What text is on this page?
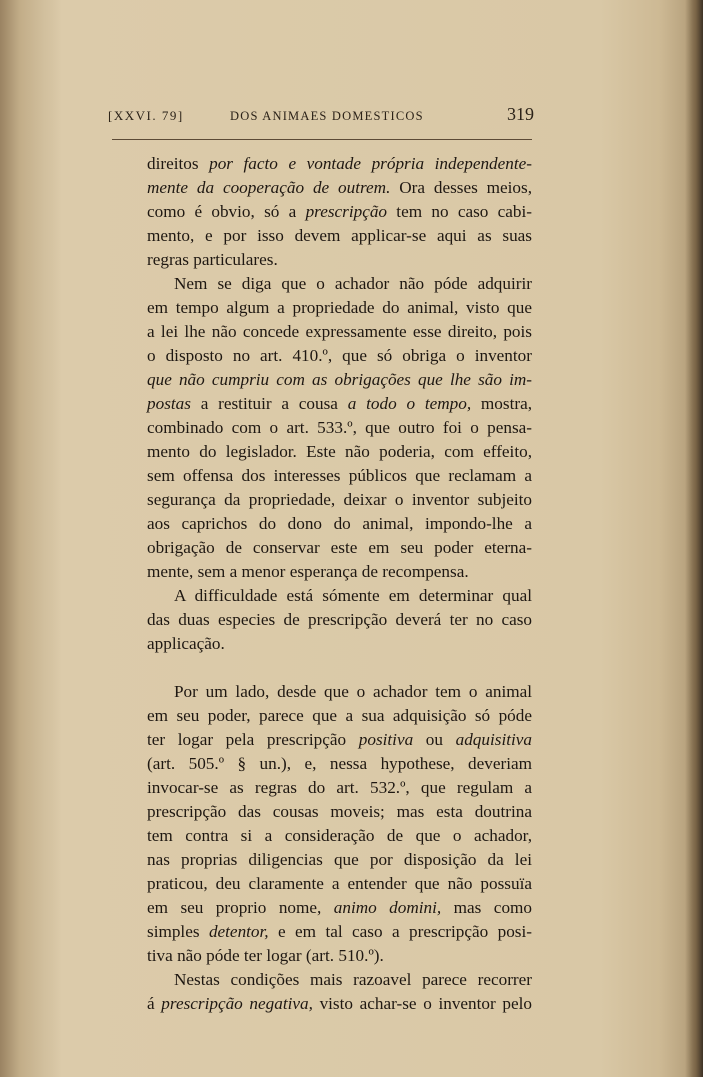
[XXVI. 79]	DOS ANIMAES DOMESTICOS	319
direitos por facto e vontade própria independente-
mente da cooperação de outrem. Ora desses meios,
como é obvio, só a prescripção tem no caso cabi-
mento, e por isso devem applicar-se aqui as suas
regras particulares.
Nem se diga que o achador não póde adquirir
em tempo algum a propriedade do animal, visto que
a lei lhe não concede expressamente esse direito, pois
o disposto no art. 410.º, que só obriga o inventor
que não cumpriu com as obrigações que lhe são im-
postas a restituir a cousa a todo o tempo, mostra,
combinado com o art. 533.º, que outro foi o pensa-
mento do legislador. Este não poderia, com effeito,
sem offensa dos interesses públicos que reclamam a
segurança da propriedade, deixar o inventor subjeito
aos caprichos do dono do animal, impondo-lhe a
obrigação de conservar este em seu poder eterna-
mente, sem a menor esperança de recompensa.
A difficuldade está sómente em determinar qual
das duas especies de prescripção deverá ter no caso
applicação.
Por um lado, desde que o achador tem o animal
em seu poder, parece que a sua adquisição só póde
ter logar pela prescripção positiva ou adquisitiva
(art. 505.º § un.), e, nessa hypothese, deveriam
invocar-se as regras do art. 532.º, que regulam a
prescripção das cousas moveis; mas esta doutrina
tem contra si a consideração de que o achador,
nas proprias diligencias que por disposição da lei
praticou, deu claramente a entender que não possuïa
em seu proprio nome, animo domini, mas como
simples detentor, e em tal caso a prescripção posi-
tiva não póde ter logar (art. 510.º).
Nestas condições mais razoavel parece recorrer
á prescripção negativa, visto achar-se o inventor pelo
